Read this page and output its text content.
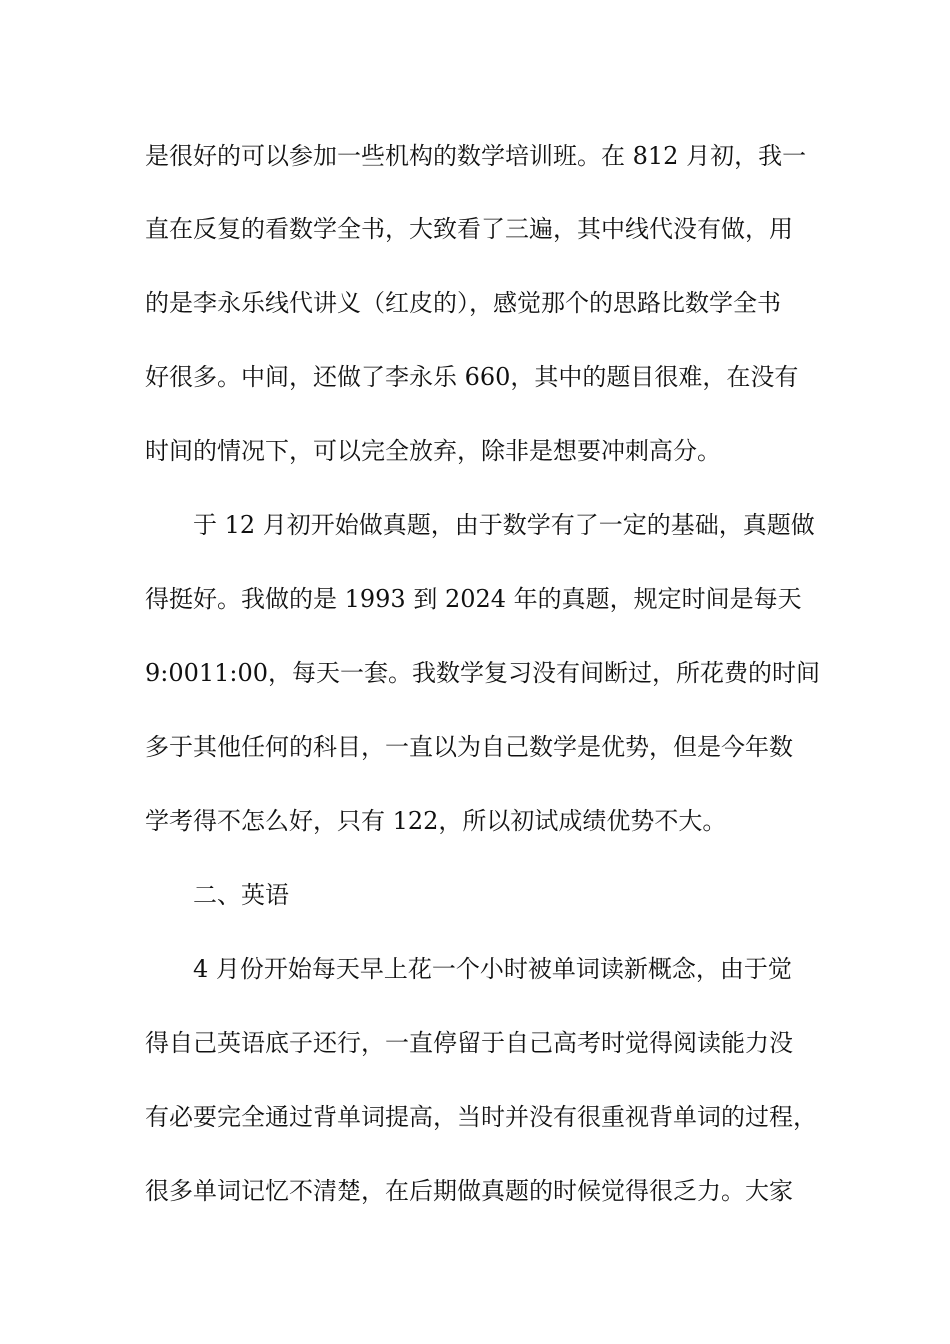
是很好的可以参加一些机构的数学培训班。在 812 月初，我一
直在反复的看数学全书，大致看了三遍，其中线代没有做，用
的是李永乐线代讲义（红皮的），感觉那个的思路比数学全书
好很多。中间，还做了李永乐 660，其中的题目很难，在没有
时间的情况下，可以完全放弃，除非是想要冲刺高分。
于 12 月初开始做真题，由于数学有了一定的基础，真题做
得挺好。我做的是 1993 到 2024 年的真题，规定时间是每天
9:0011:00，每天一套。我数学复习没有间断过，所花费的时间
多于其他任何的科目，一直以为自己数学是优势，但是今年数
学考得不怎么好，只有 122，所以初试成绩优势不大。
二、英语
4 月份开始每天早上花一个小时被单词读新概念，由于觉
得自己英语底子还行，一直停留于自己高考时觉得阅读能力没
有必要完全通过背单词提高，当时并没有很重视背单词的过程，
很多单词记忆不清楚，在后期做真题的时候觉得很乏力。大家
